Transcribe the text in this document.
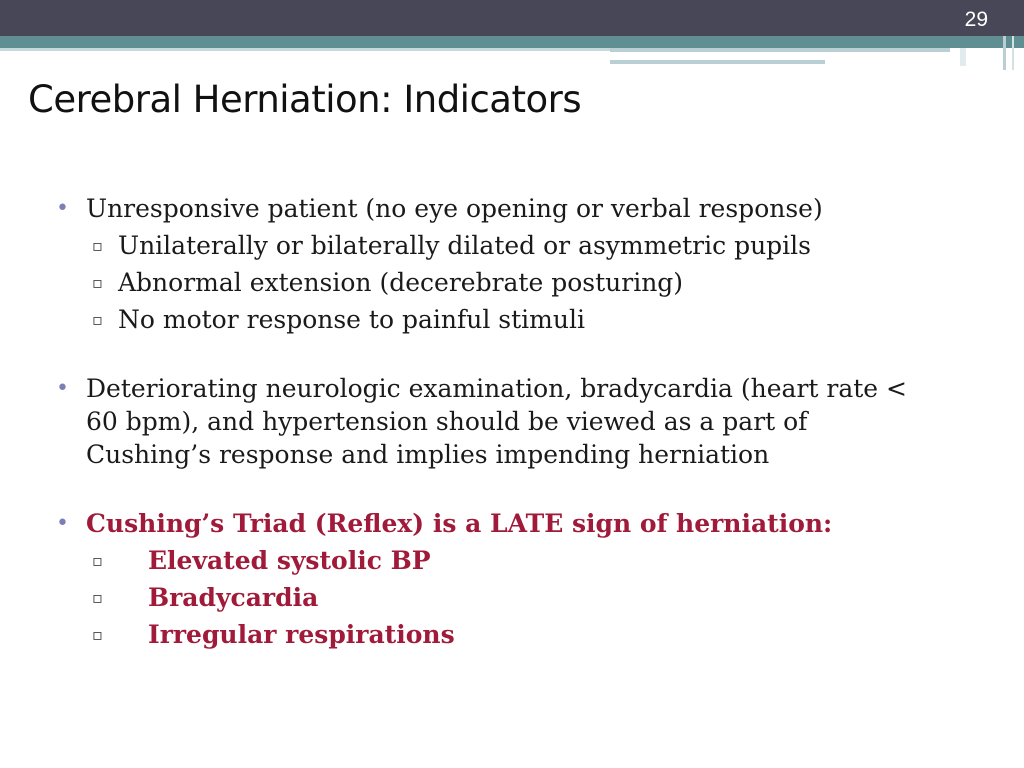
29
Cerebral Herniation: Indicators

• Unresponsive patient (no eye opening or verbal response)

▫ Unilaterally or bilaterally dilated or asymmetric pupils

▫ Abnormal extension (decerebrate posturing)

▫ No motor response to painful stimuli

• Deteriorating neurologic examination, bradycardia (heart rate < 60 bpm), and hypertension should be viewed as a part of Cushing’s response and implies impending herniation

• Cushing’s Triad (Reflex) is a LATE sign of herniation:

▫ Elevated systolic BP

▫ Bradycardia

▫ Irregular respirations
